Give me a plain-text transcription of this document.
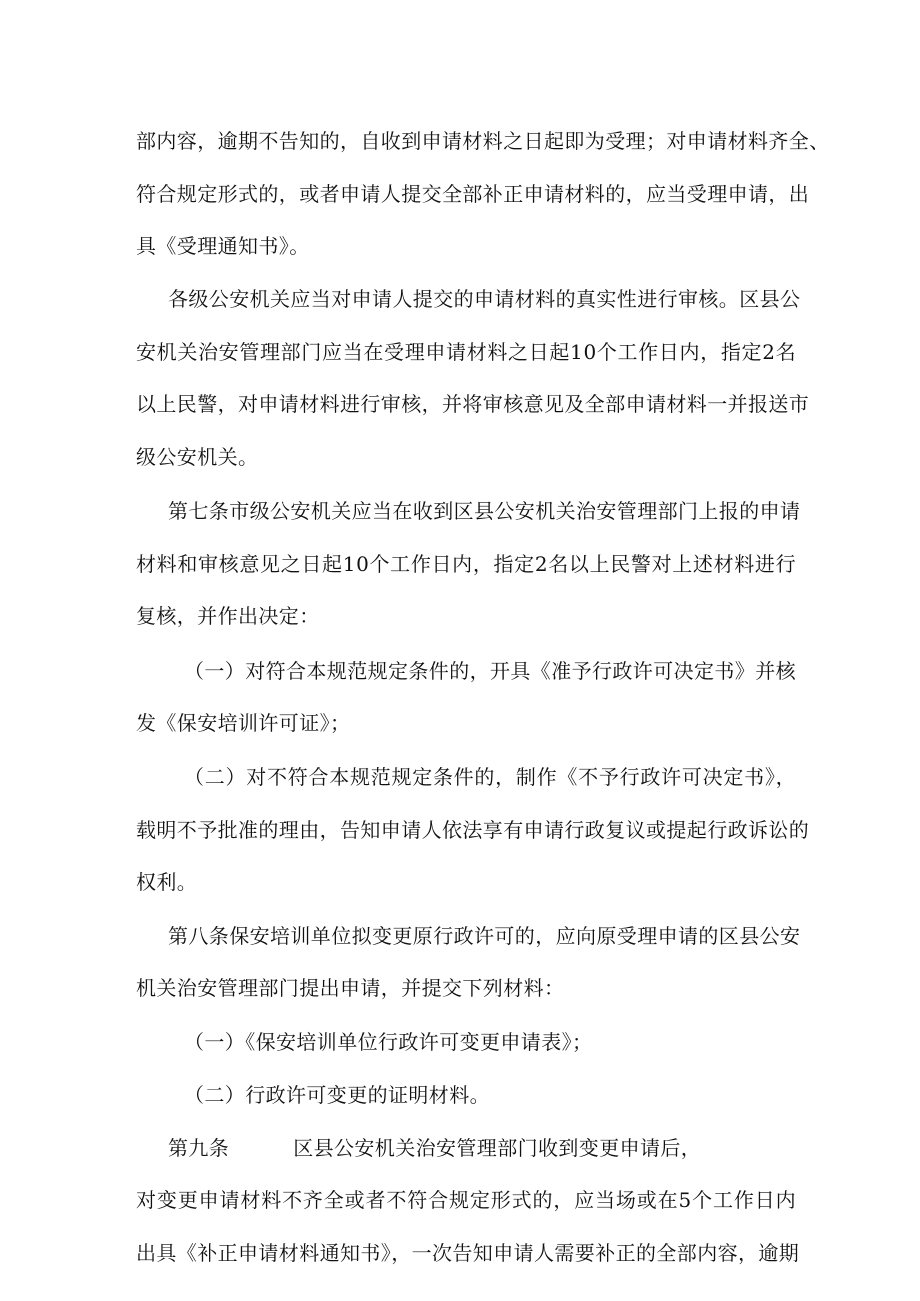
部内容，逾期不告知的，自收到申请材料之日起即为受理；对申请材料齐全、
符合规定形式的，或者申请人提交全部补正申请材料的，应当受理申请，出
具《受理通知书》。
各级公安机关应当对申请人提交的申请材料的真实性进行审核。区县公
安机关治安管理部门应当在受理申请材料之日起10个工作日内，指定2名
以上民警，对申请材料进行审核，并将审核意见及全部申请材料一并报送市
级公安机关。
第七条市级公安机关应当在收到区县公安机关治安管理部门上报的申请
材料和审核意见之日起10个工作日内，指定2名以上民警对上述材料进行
复核，并作出决定：
（一）对符合本规范规定条件的，开具《准予行政许可决定书》并核
发《保安培训许可证》；
（二）对不符合本规范规定条件的，制作《不予行政许可决定书》，
载明不予批准的理由，告知申请人依法享有申请行政复议或提起行政诉讼的
权利。
第八条保安培训单位拟变更原行政许可的，应向原受理申请的区县公安
机关治安管理部门提出申请，并提交下列材料：
（一）《保安培训单位行政许可变更申请表》；
（二）行政许可变更的证明材料。
第九条	区县公安机关治安管理部门收到变更申请后，
对变更申请材料不齐全或者不符合规定形式的，应当场或在5个工作日内
出具《补正申请材料通知书》，一次告知申请人需要补正的全部内容，逾期
